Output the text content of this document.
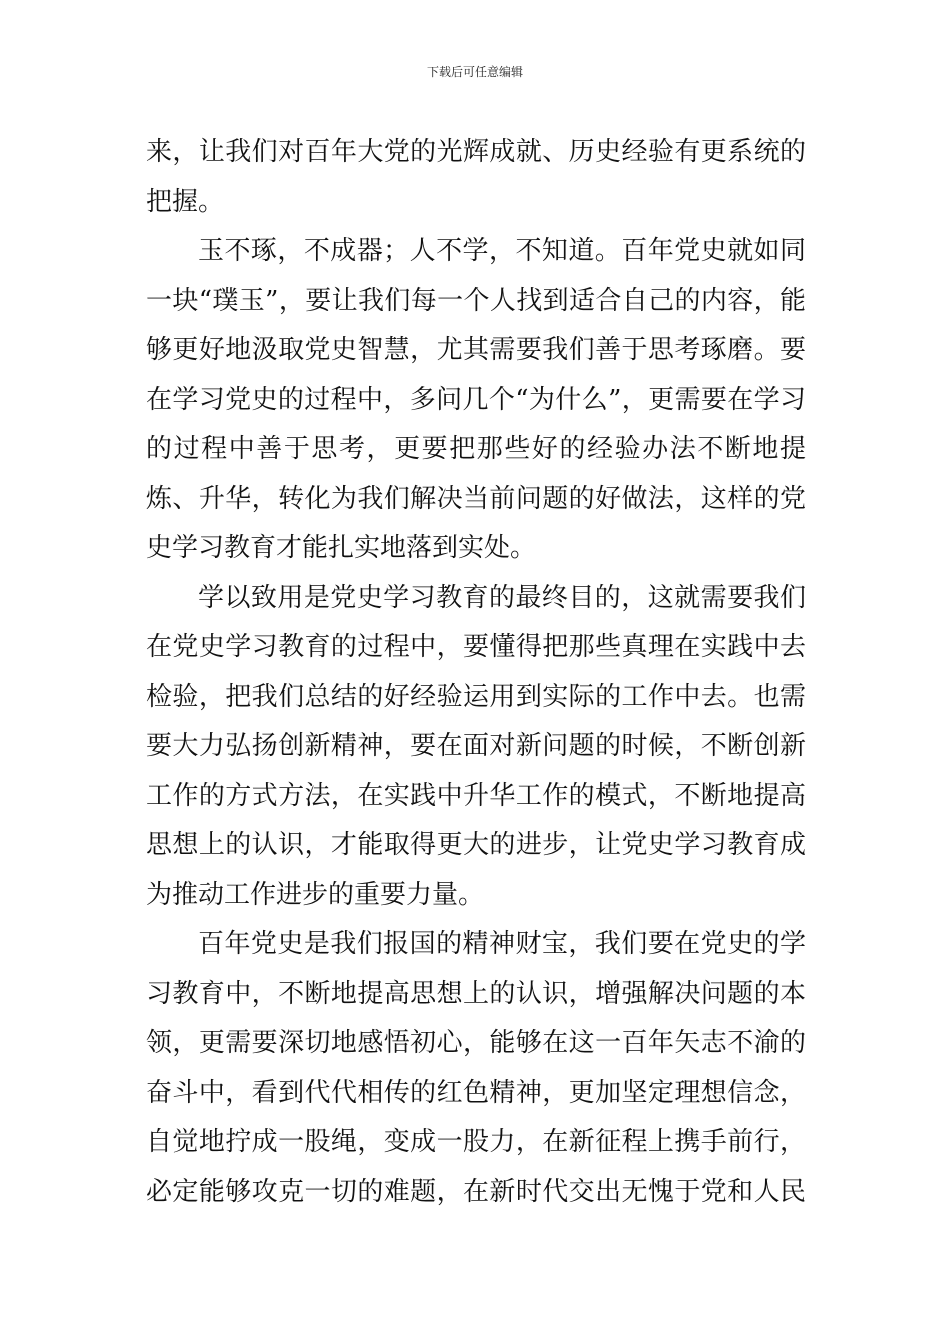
下载后可任意编辑

来，让我们对百年大党的光辉成就、历史经验有更系统的把握。

玉不琢，不成器；人不学，不知道。百年党史就如同一块“璞玉”，要让我们每一个人找到适合自己的内容，能够更好地汲取党史智慧，尤其需要我们善于思考琢磨。要在学习党史的过程中，多问几个“为什么”，更需要在学习的过程中善于思考，更要把那些好的经验办法不断地提炼、升华，转化为我们解决当前问题的好做法，这样的党史学习教育才能扎实地落到实处。

学以致用是党史学习教育的最终目的，这就需要我们在党史学习教育的过程中，要懂得把那些真理在实践中去检验，把我们总结的好经验运用到实际的工作中去。也需要大力弘扬创新精神，要在面对新问题的时候，不断创新工作的方式方法，在实践中升华工作的模式，不断地提高思想上的认识，才能取得更大的进步，让党史学习教育成为推动工作进步的重要力量。

百年党史是我们报国的精神财宝，我们要在党史的学习教育中，不断地提高思想上的认识，增强解决问题的本领，更需要深切地感悟初心，能够在这一百年矢志不渝的奋斗中，看到代代相传的红色精神，更加坚定理想信念，自觉地拧成一股绳，变成一股力，在新征程上携手前行，必定能够攻克一切的难题，在新时代交出无愧于党和人民
